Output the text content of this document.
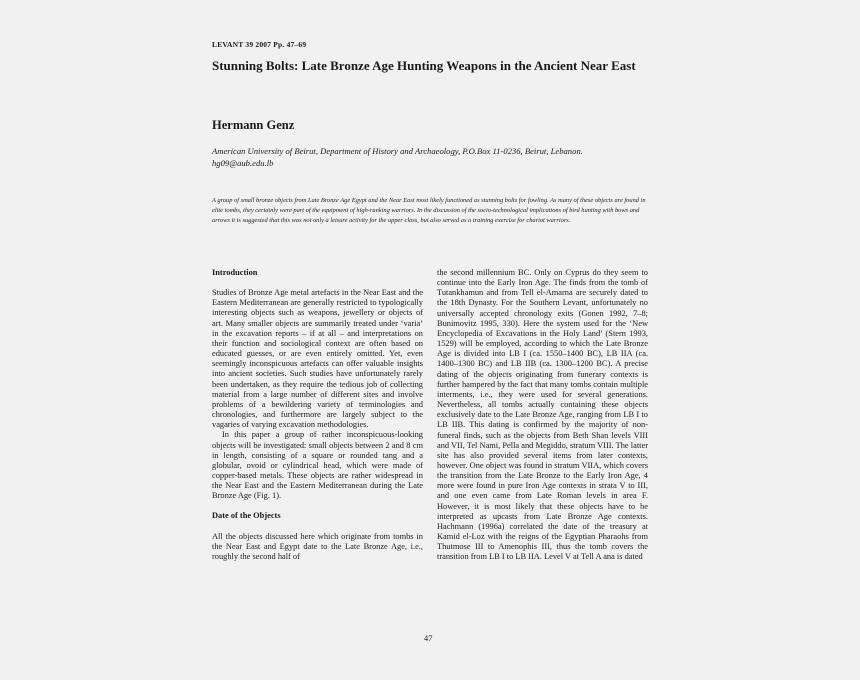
LEVANT 39 2007 Pp. 47–69
Stunning Bolts: Late Bronze Age Hunting Weapons in the Ancient Near East
Hermann Genz
American University of Beirut, Department of History and Archaeology, P.O.Box 11-0236, Beirut, Lebanon. hg09@aub.edu.lb
A group of small bronze objects from Late Bronze Age Egypt and the Near East most likely functioned as stunning bolts for fowling. As many of these objects are found in elite tombs, they certainly were part of the equipment of high-ranking warriors. In the discussion of the socio-technological implications of bird hunting with bows and arrows it is suggested that this was not only a leisure activity for the upper class, but also served as a training exercise for chariot warriors.
Introduction

Studies of Bronze Age metal artefacts in the Near East and the Eastern Mediterranean are generally restricted to typologically interesting objects such as weapons, jewellery or objects of art. Many smaller objects are summarily treated under ‘varia’ in the excavation reports – if at all – and interpretations on their function and sociological context are often based on educated guesses, or are even entirely omitted. Yet, even seemingly inconspicuous artefacts can offer valuable insights into ancient societies. Such studies have unfortunately rarely been undertaken, as they require the tedious job of collecting material from a large number of different sites and involve problems of a bewildering variety of terminologies and chronologies, and furthermore are largely subject to the vagaries of varying excavation methodologies.

In this paper a group of rather inconspicuous-looking objects will be investigated: small objects between 2 and 8 cm in length, consisting of a square or rounded tang and a globular, ovoid or cylindrical head, which were made of copper-based metals. These objects are rather widespread in the Near East and the Eastern Mediterranean during the Late Bronze Age (Fig. 1).

Date of the Objects

All the objects discussed here which originate from tombs in the Near East and Egypt date to the Late Bronze Age, i.e., roughly the second half of

the second millennium BC. Only on Cyprus do they seem to continue into the Early Iron Age. The finds from the tomb of Tutankhamun and from Tell el-Amarna are securely dated to the 18th Dynasty. For the Southern Levant, unfortunately no universally accepted chronology exits (Gonen 1992, 7–8; Bunimovitz 1995, 330). Here the system used for the ‘New Encyclopedia of Excavations in the Holy Land’ (Stern 1993, 1529) will be employed, according to which the Late Bronze Age is divided into LB I (ca. 1550–1400 BC), LB IIA (ca. 1400–1300 BC) and LB IIB (ca. 1300–1200 BC). A precise dating of the objects originating from funerary contexts is further hampered by the fact that many tombs contain multiple interments, i.e., they were used for several generations. Nevertheless, all tombs actually containing these objects exclusively date to the Late Bronze Age, ranging from LB I to LB IIB. This dating is confirmed by the majority of non-funeral finds, such as the objects from Beth Shan levels VIII and VII, Tel Nami, Pella and Megiddo, stratum VIII. The latter site has also provided several items from later contexts, however. One object was found in stratum VIIA, which covers the transition from the Late Bronze to the Early Iron Age, 4 more were found in pure Iron Age contexts in strata V to III, and one even came from Late Roman levels in area F. However, it is most likely that these objects have to be interpreted as upcasts from Late Bronze Age contexts. Hachmann (1996a) correlated the date of the treasury at Kamid el-Loz with the reigns of the Egyptian Pharaohs from Thutmose III to Amenophis III, thus the tomb covers the transition from LB I to LB IIA. Level V at Tell A ana is dated

47
